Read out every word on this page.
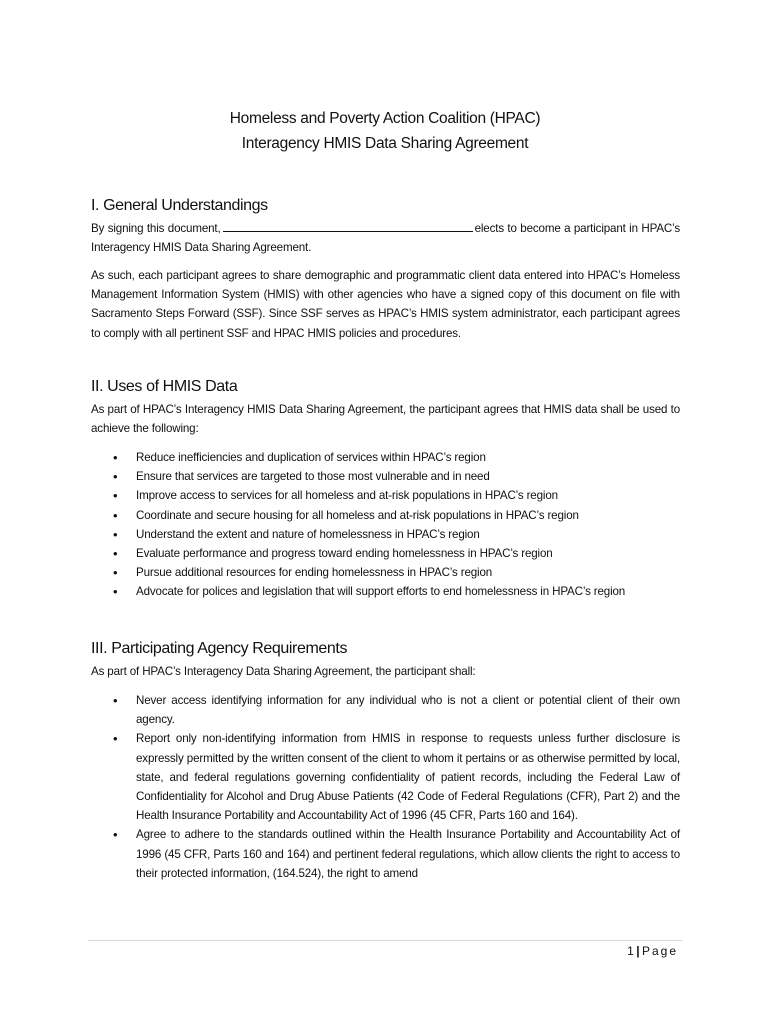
Homeless and Poverty Action Coalition (HPAC)
Interagency HMIS Data Sharing Agreement
I. General Understandings
By signing this document,	elects to become a participant in HPAC’s Interagency HMIS Data Sharing Agreement.
As such, each participant agrees to share demographic and programmatic client data entered into HPAC’s Homeless Management Information System (HMIS) with other agencies who have a signed copy of this document on file with Sacramento Steps Forward (SSF). Since SSF serves as HPAC’s HMIS system administrator, each participant agrees to comply with all pertinent SSF and HPAC HMIS policies and procedures.
II. Uses of HMIS Data
As part of HPAC’s Interagency HMIS Data Sharing Agreement, the participant agrees that HMIS data shall be used to achieve the following:
• Reduce inefficiencies and duplication of services within HPAC’s region
• Ensure that services are targeted to those most vulnerable and in need
• Improve access to services for all homeless and at-risk populations in HPAC’s region
• Coordinate and secure housing for all homeless and at-risk populations in HPAC’s region
• Understand the extent and nature of homelessness in HPAC’s region
• Evaluate performance and progress toward ending homelessness in HPAC’s region
• Pursue additional resources for ending homelessness in HPAC’s region
• Advocate for polices and legislation that will support efforts to end homelessness in HPAC’s region
III. Participating Agency Requirements
As part of HPAC’s Interagency Data Sharing Agreement, the participant shall:
• Never access identifying information for any individual who is not a client or potential client of their own agency.
• Report only non-identifying information from HMIS in response to requests unless further disclosure is expressly permitted by the written consent of the client to whom it pertains or as otherwise permitted by local, state, and federal regulations governing confidentiality of patient records, including the Federal Law of Confidentiality for Alcohol and Drug Abuse Patients (42 Code of Federal Regulations (CFR), Part 2) and the Health Insurance Portability and Accountability Act of 1996 (45 CFR, Parts 160 and 164).
• Agree to adhere to the standards outlined within the Health Insurance Portability and Accountability Act of 1996 (45 CFR, Parts 160 and 164) and pertinent federal regulations, which allow clients the right to access to their protected information, (164.524), the right to amend
1 | Page
